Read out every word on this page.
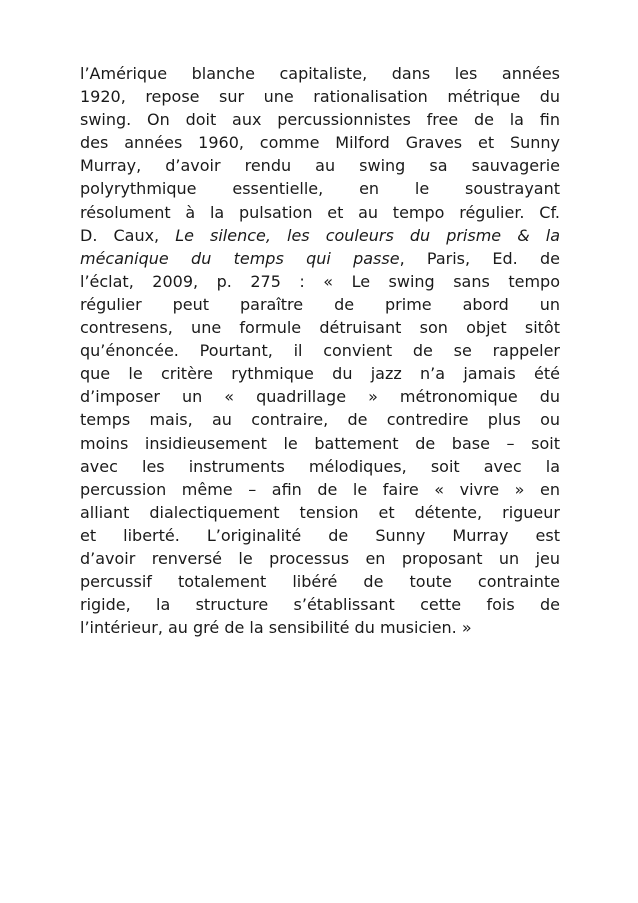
l’Amérique blanche capitaliste, dans les années
1920, repose sur une rationalisation métrique du
swing. On doit aux percussionnistes free de la fin
des années 1960, comme Milford Graves et Sunny
Murray, d’avoir rendu au swing sa sauvagerie
polyrythmique essentielle, en le soustrayant
résolument à la pulsation et au tempo régulier. Cf.
D. Caux, Le silence, les couleurs du prisme & la
mécanique du temps qui passe, Paris, Ed. de
l’éclat, 2009, p. 275 : « Le swing sans tempo
régulier peut paraître de prime abord un
contresens, une formule détruisant son objet sitôt
qu’énoncée. Pourtant, il convient de se rappeler
que le critère rythmique du jazz n’a jamais été
d’imposer un « quadrillage » métronomique du
temps mais, au contraire, de contredire plus ou
moins insidieusement le battement de base – soit
avec les instruments mélodiques, soit avec la
percussion même – afin de le faire « vivre » en
alliant dialectiquement tension et détente, rigueur
et liberté. L’originalité de Sunny Murray est
d’avoir renversé le processus en proposant un jeu
percussif totalement libéré de toute contrainte
rigide, la structure s’établissant cette fois de
l’intérieur, au gré de la sensibilité du musicien. »
